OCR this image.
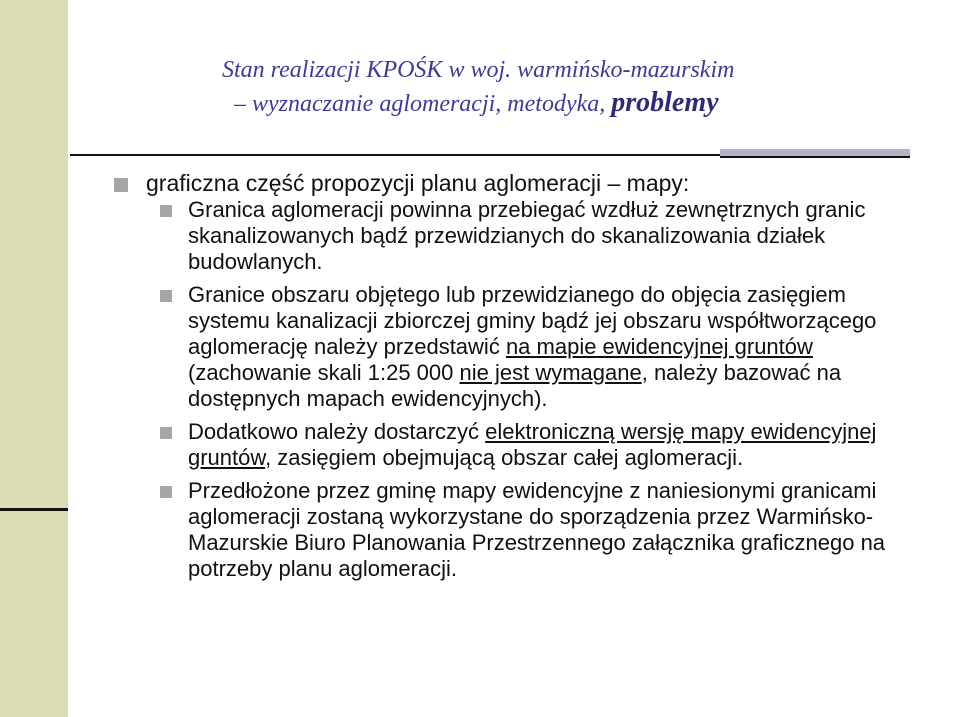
Stan realizacji KPOŚK w woj. warmińsko-mazurskim
– wyznaczanie aglomeracji, metodyka, problemy
graficzna część propozycji planu aglomeracji – mapy:
Granica aglomeracji powinna przebiegać wzdłuż zewnętrznych granic skanalizowanych bądź przewidzianych do skanalizowania działek budowlanych.
Granice obszaru objętego lub przewidzianego do objęcia zasięgiem systemu kanalizacji zbiorczej gminy bądź jej obszaru współtworzącego aglomerację należy przedstawić na mapie ewidencyjnej gruntów (zachowanie skali 1:25 000 nie jest wymagane, należy bazować na dostępnych mapach ewidencyjnych).
Dodatkowo należy dostarczyć elektroniczną wersję mapy ewidencyjnej gruntów, zasięgiem obejmującą obszar całej aglomeracji.
Przedłożone przez gminę mapy ewidencyjne z naniesionymi granicami aglomeracji zostaną wykorzystane do sporządzenia przez Warmińsko-Mazurskie Biuro Planowania Przestrzennego załącznika graficznego na potrzeby planu aglomeracji.
